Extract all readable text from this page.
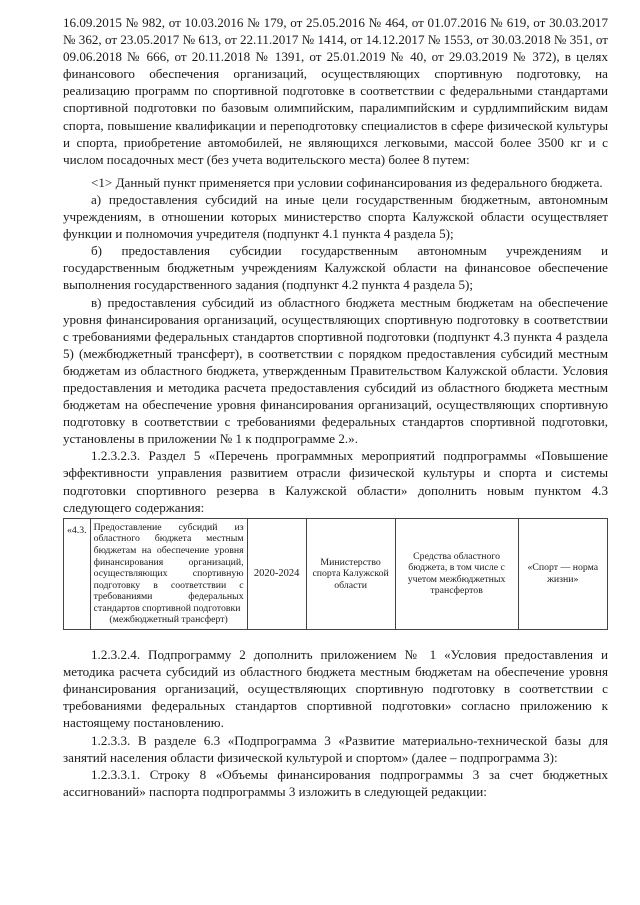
16.09.2015 № 982, от 10.03.2016 № 179, от 25.05.2016 № 464, от 01.07.2016 № 619, от 30.03.2017 № 362, от 23.05.2017 № 613, от 22.11.2017 № 1414, от 14.12.2017 № 1553, от 30.03.2018 № 351, от 09.06.2018 № 666, от 20.11.2018 № 1391, от 25.01.2019 № 40, от 29.03.2019 № 372), в целях финансового обеспечения организаций, осуществляющих спортивную подготовку, на реализацию программ по спортивной подготовке в соответствии с федеральными стандартами спортивной подготовки по базовым олимпийским, паралимпийским и сурдлимпийским видам спорта, повышение квалификации и переподготовку специалистов в сфере физической культуры и спорта, приобретение автомобилей, не являющихся легковыми, массой более 3500 кг и с числом посадочных мест (без учета водительского места) более 8 путем:

<1> Данный пункт применяется при условии софинансирования из федерального бюджета.

а) предоставления субсидий на иные цели государственным бюджетным, автономным учреждениям, в отношении которых министерство спорта Калужской области осуществляет функции и полномочия учредителя (подпункт 4.1 пункта 4 раздела 5);

б) предоставления субсидии государственным автономным учреждениям и государственным бюджетным учреждениям Калужской области на финансовое обеспечение выполнения государственного задания (подпункт 4.2 пункта 4 раздела 5);

в) предоставления субсидий из областного бюджета местным бюджетам на обеспечение уровня финансирования организаций, осуществляющих спортивную подготовку в соответствии с требованиями федеральных стандартов спортивной подготовки (подпункт 4.3 пункта 4 раздела 5) (межбюджетный трансферт), в соответствии с порядком предоставления субсидий местным бюджетам из областного бюджета, утвержденным Правительством Калужской области. Условия предоставления и методика расчета предоставления субсидий из областного бюджета местным бюджетам на обеспечение уровня финансирования организаций, осуществляющих спортивную подготовку в соответствии с требованиями федеральных стандартов спортивной подготовки, установлены в приложении № 1 к подпрограмме 2.».

1.2.3.2.3. Раздел 5 «Перечень программных мероприятий подпрограммы «Повышение эффективности управления развитием отрасли физической культуры и спорта и системы подготовки спортивного резерва в Калужской области» дополнить новым пунктом 4.3 следующего содержания:

«4.3.	Предоставление субсидий из областного бюджета местным бюджетам на обеспечение уровня финансирования организаций, осуществляющих спортивную подготовку в соответствии с требованиями федеральных стандартов спортивной подготовки
(межбюджетный трансферт)
	2020-2024	Министерство спорта Калужской области	Средства областного бюджета, в том числе с учетом межбюджетных трансфертов	«Спорт — норма жизни»

1.2.3.2.4. Подпрограмму 2 дополнить приложением № 1 «Условия предоставления и методика расчета субсидий из областного бюджета местным бюджетам на обеспечение уровня финансирования организаций, осуществляющих спортивную подготовку в соответствии с требованиями федеральных стандартов спортивной подготовки» согласно приложению к настоящему постановлению.

1.2.3.3. В разделе 6.3 «Подпрограмма 3 «Развитие материально-технической базы для занятий населения области физической культурой и спортом» (далее – подпрограмма 3):

1.2.3.3.1. Строку 8 «Объемы финансирования подпрограммы 3 за счет бюджетных ассигнований» паспорта подпрограммы 3 изложить в следующей редакции:
